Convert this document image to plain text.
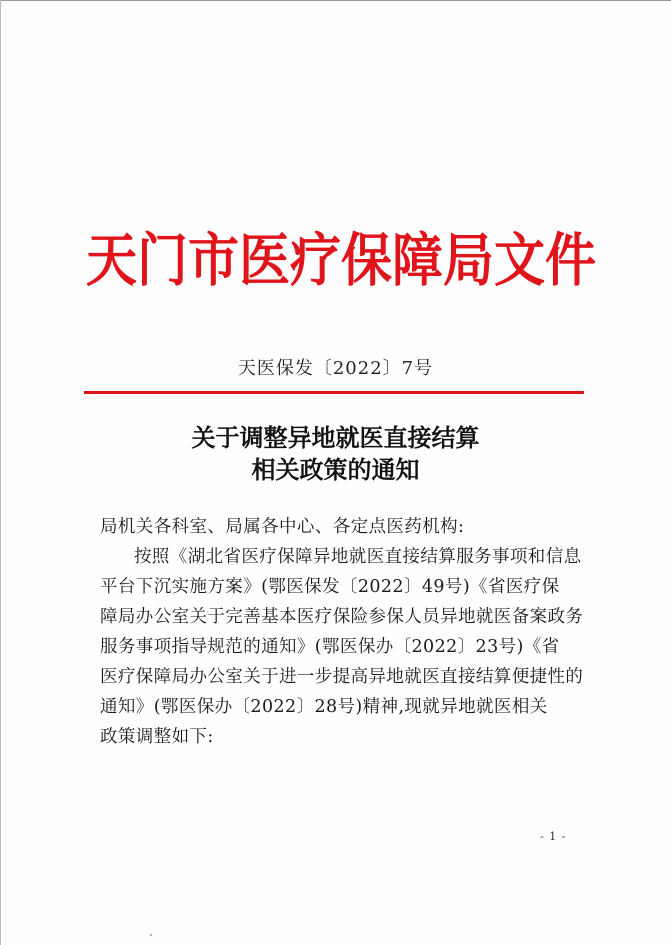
天门市医疗保障局文件
天医保发〔2022〕7号
关于调整异地就医直接结算
相关政策的通知
局机关各科室、局属各中心、各定点医药机构:
按照《湖北省医疗保障异地就医直接结算服务事项和信息
平台下沉实施方案》(鄂医保发〔2022〕49号)《省医疗保
障局办公室关于完善基本医疗保险参保人员异地就医备案政务
服务事项指导规范的通知》(鄂医保办〔2022〕23号)《省
医疗保障局办公室关于进一步提高异地就医直接结算便捷性的
通知》(鄂医保办〔2022〕28号)精神,现就异地就医相关
政策调整如下:
- 1 -
